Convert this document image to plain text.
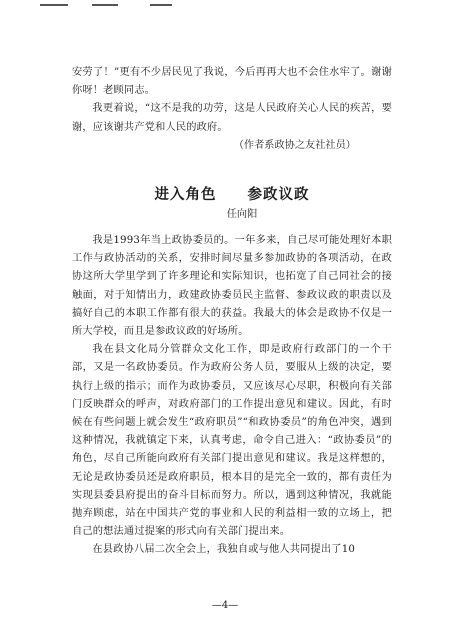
安劳了！”更有不少居民见了我说，今后再再大也不会住水牢了。谢谢你呀！老顾同志。

我更着说，“这不是我的功劳，这是人民政府关心人民的疾苦，要谢，应该谢共产党和人民的政府。

（作者系政协之友社社员）

进入角色　　参政议政
任向阳

我是1993年当上政协委员的。一年多来，自己尽可能处理好本职工作与政协活动的关系，安排时间尽量多参加政协的各项活动，在政协这所大学里学到了许多理论和实际知识，也拓宽了自己同社会的接触面，对于知情出力，政建政协委员民主监督、参政议政的职责以及搞好自己的本职工作都有很大的获益。我最大的体会是政协不仅是一所大学校，而且是参政议政的好场所。

我在县文化局分管群众文化工作，即是政府行政部门的一个干部，又是一名政协委员。作为政府公务人员，要服从上级的决定，要执行上级的指示；而作为政协委员，又应该尽心尽职，积极向有关部门反映群众的呼声，对政府部门的工作提出意见和建议。因此，有时候在有些问题上就会发生“政府职员”“和政协委员”的角色冲突，遇到这种情况，我就镇定下来，认真考虑，命令自己进入：“政协委员”的角色，尽自己所能向政府有关部门提出意见和建议。我是这样想的，无论是政协委员还是政府职员，根本目的是完全一致的，都有责任为实现县委县府提出的奋斗目标而努力。所以，遇到这种情况，我就能抛弃顾虑，站在中国共产党的事业和人民的利益相一致的立场上，把自己的想法通过提案的形式向有关部门提出来。

在县政协八届二次全会上，我独自或与他人共同提出了10

—4—
